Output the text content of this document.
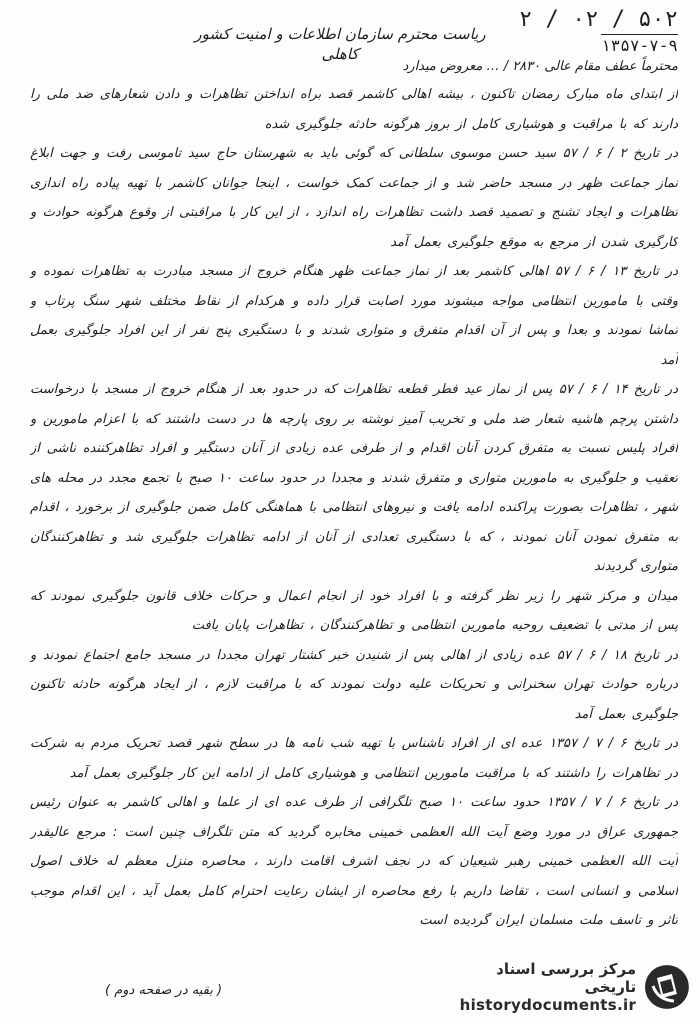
۲ / ۰۲ / ۵۰۲
۱۳۵۷-۷-۹
ریاست محترم سازمان اطلاعات و امنیت کشور کاهلی
محترماً عطف مقام عالی ۲۸۳۰ / … معروض میدارد

از ابتدای ماه مبارک رمضان تاکنون ، بیشه اهالی کاشمر قصد براه انداختن تظاهرات و دادن شعارهای ضد ملی را دارند که با مراقبت و هوشیاری کامل از بروز هرگونه حادثه جلوگیری شده

در تاریخ ۲ / ۶ / ۵۷ سید حسن موسوی سلطانی که گوئی باید به شهرستان حاج سید تاموسی رفت و جهت ابلاغ نماز جماعت ظهر در مسجد حاضر شد و از جماعت کمک خواست ، اینجا جوانان کاشمر با تهیه پیاده راه اندازی تظاهرات و ایجاد تشنج و تصمید قصد داشت تظاهرات راه اندازد ، از این کار با مراقبتی از وقوع هرگونه حوادث و کارگیری شدن از مرجع به موقع جلوگیری بعمل آمد

در تاریخ ۱۳ / ۶ / ۵۷ اهالی کاشمر بعد از نماز جماعت ظهر هنگام خروج از مسجد مبادرت به تظاهرات نموده و وقتی با مامورین انتظامی مواجه میشوند مورد اصابت قرار داده و هرکدام از نقاط مختلف شهر سنگ پرتاب و تماشا نمودند و بعدا و پس از آن اقدام متفرق و متواری شدند و با دستگیری پنج نفر از این افراد جلوگیری بعمل آمد

در تاریخ ۱۴ / ۶ / ۵۷ پس از نماز عید فطر قطعه تظاهرات که در حدود بعد از هنگام خروج از مسجد با درخواست داشتن پرچم هاشیه شعار ضد ملی و تخریب آمیز نوشته بر روی پارچه ها در دست داشتند که با اعزام مامورین و افراد پلیس نسبت به متفرق کردن آنان اقدام و از طرفی عده زیادی از آنان دستگیر و افراد تظاهرکننده ناشی از تعقیب و جلوگیری به مامورین متواری و متفرق شدند و مجددا در حدود ساعت ۱۰ صبح با تجمع مجدد در محله های شهر ، تظاهرات بصورت پراکنده ادامه یافت و نیروهای انتظامی با هماهنگی کامل ضمن جلوگیری از برخورد ، اقدام به متفرق نمودن آنان نمودند ، که با دستگیری تعدادی از آنان از ادامه تظاهرات جلوگیری شد و تظاهرکنندگان متواری گردیدند

میدان و مرکز شهر را زیر نظر گرفته و با افراد خود از انجام اعمال و حرکات خلاف قانون جلوگیری نمودند که پس از مدتی با تضعیف روحیه مامورین انتظامی و تظاهرکنندگان ، تظاهرات پایان یافت

در تاریخ ۱۸ / ۶ / ۵۷ عده زیادی از اهالی پس از شنیدن خبر کشتار تهران مجددا در مسجد جامع اجتماع نمودند و درباره حوادث تهران سخنرانی و تحریکات علیه دولت نمودند که با مراقبت لازم ، از ایجاد هرگونه حادثه تاکنون جلوگیری بعمل آمد

در تاریخ ۶ / ۷ / ۱۳۵۷ عده ای از افراد ناشناس با تهیه شب نامه ها در سطح شهر قصد تحریک مردم به شرکت در تظاهرات را داشتند که با مراقبت مامورین انتظامی و هوشیاری کامل از ادامه این کار جلوگیری بعمل آمد

در تاریخ ۶ / ۷ / ۱۳۵۷ حدود ساعت ۱۰ صبح تلگرافی از طرف عده ای از علما و اهالی کاشمر به عنوان رئیس جمهوری عراق در مورد وضع آیت الله العظمی خمینی مخابره گردید که متن تلگراف چنین است : مرجع عالیقدر آیت الله العظمی خمینی رهبر شیعیان که در نجف اشرف اقامت دارند ، محاصره منزل معظم له خلاف اصول اسلامی و انسانی است ، تقاضا داریم با رفع محاصره از ایشان رعایت احترام کامل بعمل آید ، این اقدام موجب تاثر و تاسف ملت مسلمان ایران گردیده است

( بقیه در صفحه دوم )
مرکز بررسی اسناد تاریخی
historydocuments.ir
